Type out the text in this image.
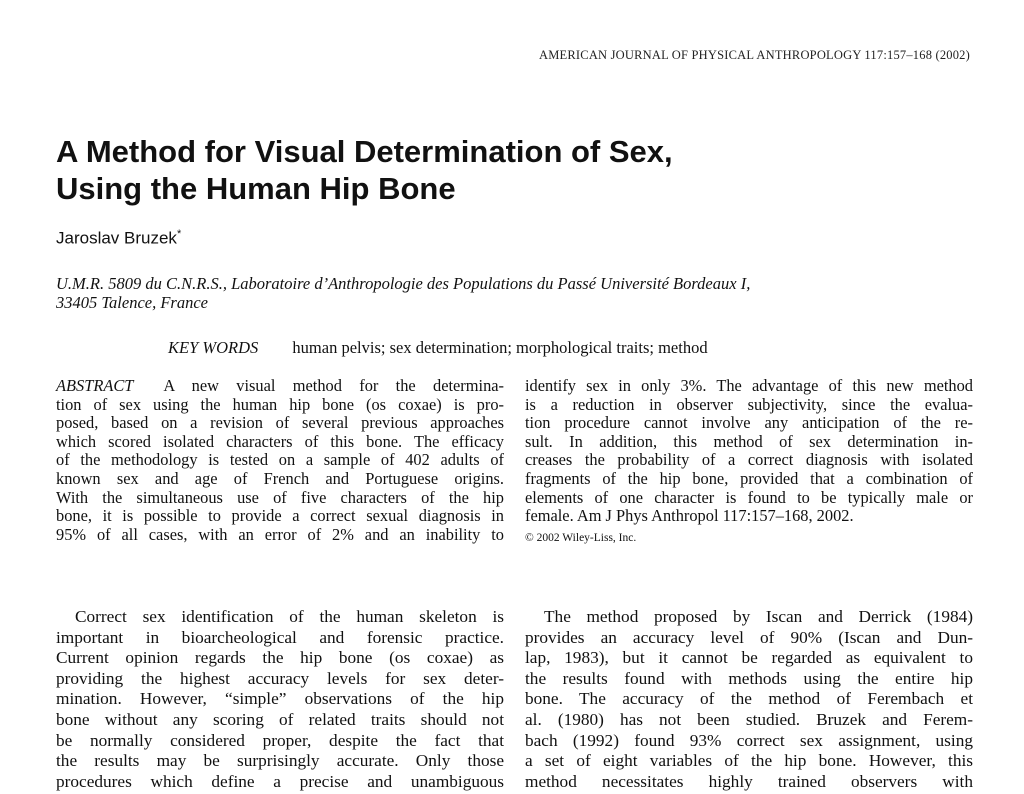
AMERICAN JOURNAL OF PHYSICAL ANTHROPOLOGY 117:157–168 (2002)
A Method for Visual Determination of Sex,
Using the Human Hip Bone
Jaroslav Bruzek*
U.M.R. 5809 du C.N.R.S., Laboratoire d’Anthropologie des Populations du Passé Université Bordeaux I,
33405 Talence, France
KEY WORDS human pelvis; sex determination; morphological traits; method
ABSTRACT A new visual method for the determina-
tion of sex using the human hip bone (os coxae) is pro-
posed, based on a revision of several previous approaches
which scored isolated characters of this bone. The efficacy
of the methodology is tested on a sample of 402 adults of
known sex and age of French and Portuguese origins.
With the simultaneous use of five characters of the hip
bone, it is possible to provide a correct sexual diagnosis in
95% of all cases, with an error of 2% and an inability to
identify sex in only 3%. The advantage of this new method
is a reduction in observer subjectivity, since the evalua-
tion procedure cannot involve any anticipation of the re-
sult. In addition, this method of sex determination in-
creases the probability of a correct diagnosis with isolated
fragments of the hip bone, provided that a combination of
elements of one character is found to be typically male or
female. Am J Phys Anthropol 117:157–168, 2002.
© 2002 Wiley-Liss, Inc.
Correct sex identification of the human skeleton is
important in bioarcheological and forensic practice.
Current opinion regards the hip bone (os coxae) as
providing the highest accuracy levels for sex deter-
mination. However, “simple” observations of the hip
bone without any scoring of related traits should not
be normally considered proper, despite the fact that
the results may be surprisingly accurate. Only those
procedures which define a precise and unambiguous
The method proposed by Iscan and Derrick (1984)
provides an accuracy level of 90% (Iscan and Dun-
lap, 1983), but it cannot be regarded as equivalent to
the results found with methods using the entire hip
bone. The accuracy of the method of Ferembach et
al. (1980) has not been studied. Bruzek and Ferem-
bach (1992) found 93% correct sex assignment, using
a set of eight variables of the hip bone. However, this
method necessitates highly trained observers with
